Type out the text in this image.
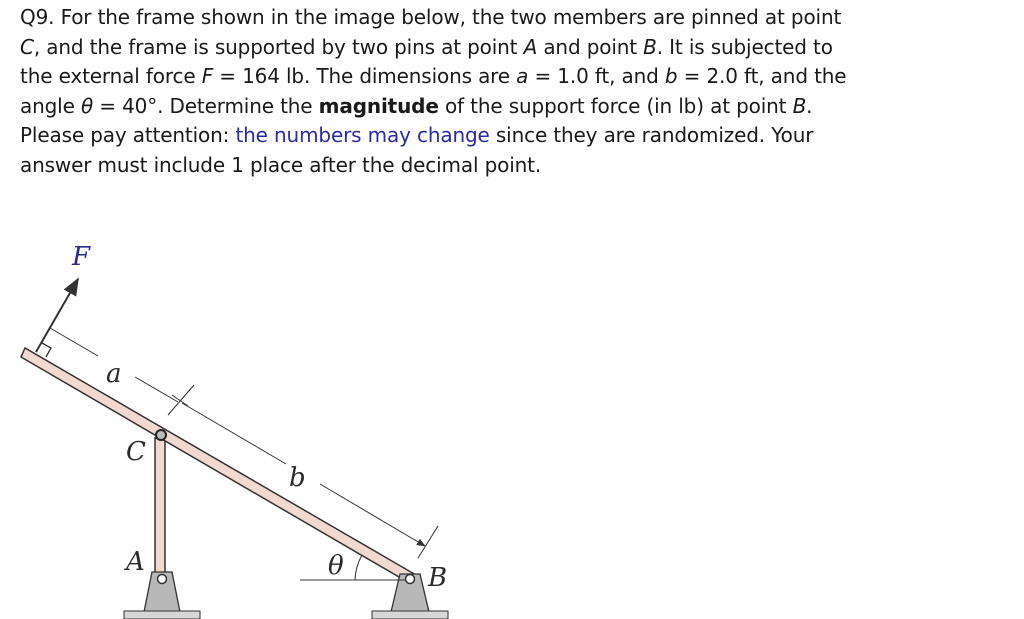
Q9. For the frame shown in the image below, the two members are pinned at point
C, and the frame is supported by two pins at point A and point B. It is subjected to
the external force F = 164 lb. The dimensions are a = 1.0 ft, and b = 2.0 ft, and the
angle θ = 40°. Determine the magnitude of the support force (in lb) at point B.
Please pay attention: the numbers may change since they are randomized. Your
answer must include 1 place after the decimal point.
F
a
b
C
A
B
θ
